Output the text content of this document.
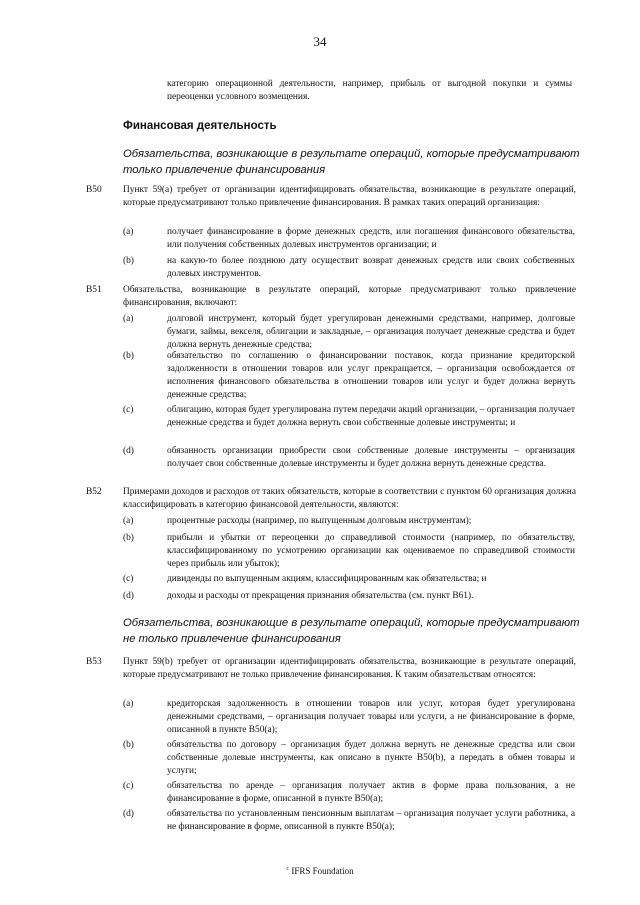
34
категорию операционной деятельности, например, прибыль от выгодной покупки и суммы переоценки условного возмещения.
Финансовая деятельность
Обязательства, возникающие в результате операций, которые предусматривают только привлечение финансирования
B50	Пункт 59(a) требует от организации идентифицировать обязательства, возникающие в результате операций, которые предусматривают только привлечение финансирования. В рамках таких операций организация:
(a)	получает финансирование в форме денежных средств, или погашения финансового обязательства, или получения собственных долевых инструментов организации; и
(b)	на какую-то более позднюю дату осуществит возврат денежных средств или своих собственных долевых инструментов.
B51	Обязательства, возникающие в результате операций, которые предусматривают только привлечение финансирования, включают:
(a)	долговой инструмент, который будет урегулирован денежными средствами, например, долговые бумаги, займы, векселя, облигации и закладные, – организация получает денежные средства и будет должна вернуть денежные средства;
(b)	обязательство по соглашению о финансировании поставок, когда признание кредиторской задолженности в отношении товаров или услуг прекращается, – организация освобождается от исполнения финансового обязательства в отношении товаров или услуг и будет должна вернуть денежные средства;
(c)	облигацию, которая будет урегулирована путем передачи акций организации, – организация получает денежные средства и будет должна вернуть свои собственные долевые инструменты; и
(d)	обязанность организации приобрести свои собственные долевые инструменты – организация получает свои собственные долевые инструменты и будет должна вернуть денежные средства.
B52	Примерами доходов и расходов от таких обязательств, которые в соответствии с пунктом 60 организация должна классифицировать в категорию финансовой деятельности, являются:
(a)	процентные расходы (например, по выпущенным долговым инструментам);
(b)	прибыли и убытки от переоценки до справедливой стоимости (например, по обязательству, классифицированному по усмотрению организации как оцениваемое по справедливой стоимости через прибыль или убыток);
(c)	дивиденды по выпущенным акциям, классифицированным как обязательства; и
(d)	доходы и расходы от прекращения признания обязательства (см. пункт B61).
Обязательства, возникающие в результате операций, которые предусматривают не только привлечение финансирования
B53	Пункт 59(b) требует от организации идентифицировать обязательства, возникающие в результате операций, которые предусматривают не только привлечение финансирования. К таким обязательствам относятся:
(a)	кредиторская задолженность в отношении товаров или услуг, которая будет урегулирована денежными средствами, – организация получает товары или услуги, а не финансирование в форме, описанной в пункте B50(a);
(b)	обязательства по договору – организация будет должна вернуть не денежные средства или свои собственные долевые инструменты, как описано в пункте B50(b), а передать в обмен товары и услуги;
(c)	обязательства по аренде – организация получает актив в форме права пользования, а не финансирование в форме, описанной в пункте B50(a);
(d)	обязательства по установленным пенсионным выплатам – организация получает услуги работника, а не финансирование в форме, описанной в пункте B50(a);
$^c$ IFRS Foundation
